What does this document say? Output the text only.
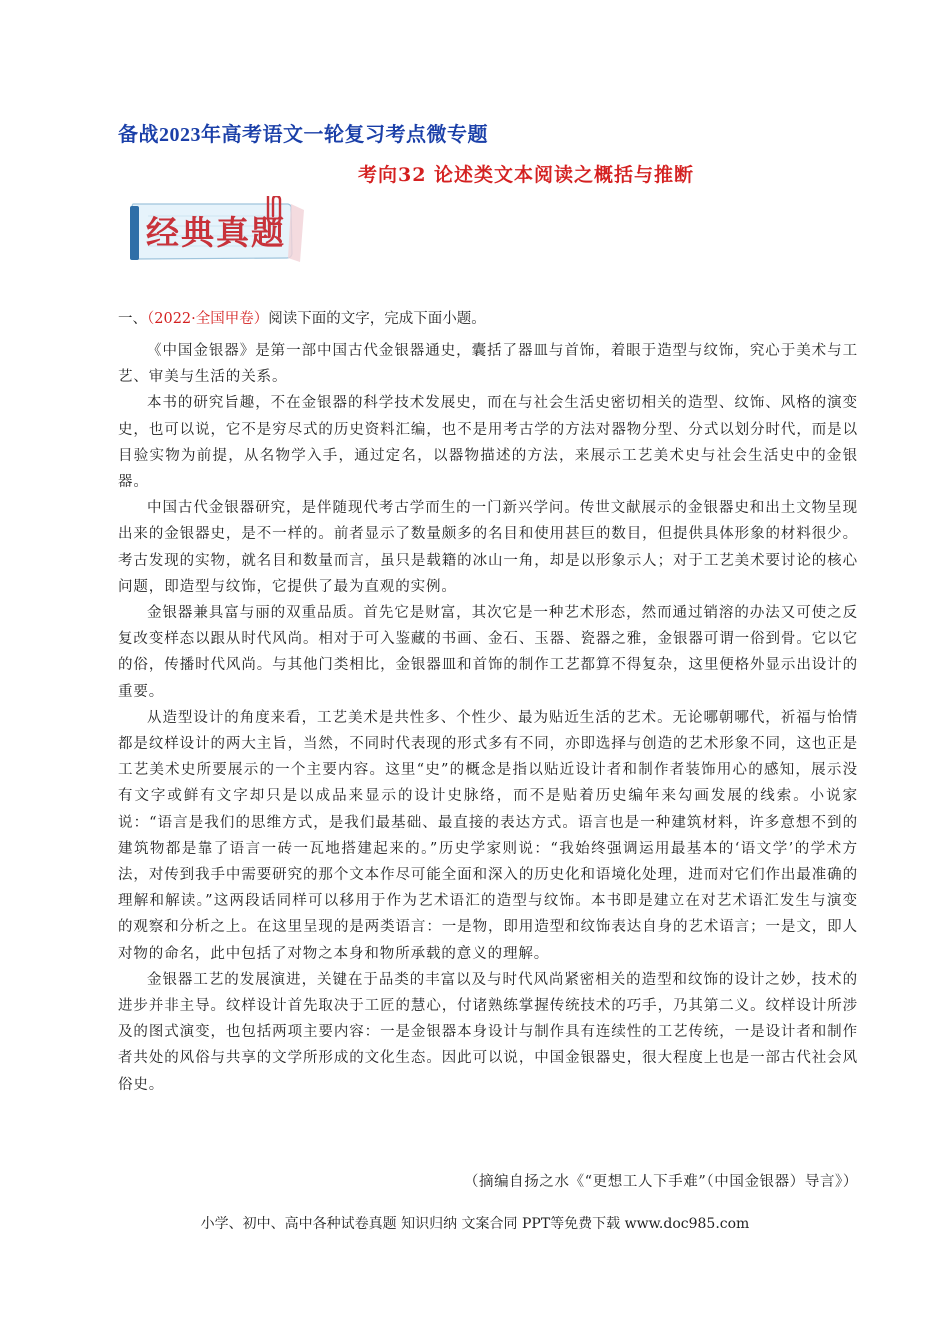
备战2023年高考语文一轮复习考点微专题
考向32 论述类文本阅读之概括与推断
经典真题
一、（2022·全国甲卷）阅读下面的文字，完成下面小题。

《中国金银器》是第一部中国古代金银器通史，囊括了器皿与首饰，着眼于造型与纹饰，究心于美术与工艺、审美与生活的关系。

本书的研究旨趣，不在金银器的科学技术发展史，而在与社会生活史密切相关的造型、纹饰、风格的演变史，也可以说，它不是穷尽式的历史资料汇编，也不是用考古学的方法对器物分型、分式以划分时代，而是以目验实物为前提，从名物学入手，通过定名，以器物描述的方法，来展示工艺美术史与社会生活史中的金银器。

中国古代金银器研究，是伴随现代考古学而生的一门新兴学问。传世文献展示的金银器史和出土文物呈现出来的金银器史，是不一样的。前者显示了数量颇多的名目和使用甚巨的数目，但提供具体形象的材料很少。考古发现的实物，就名目和数量而言，虽只是载籍的冰山一角，却是以形象示人；对于工艺美术要讨论的核心问题，即造型与纹饰，它提供了最为直观的实例。

金银器兼具富与丽的双重品质。首先它是财富，其次它是一种艺术形态，然而通过销溶的办法又可使之反复改变样态以跟从时代风尚。相对于可入鉴藏的书画、金石、玉器、瓷器之雅，金银器可谓一俗到骨。它以它的俗，传播时代风尚。与其他门类相比，金银器皿和首饰的制作工艺都算不得复杂，这里便格外显示出设计的重要。

从造型设计的角度来看，工艺美术是共性多、个性少、最为贴近生活的艺术。无论哪朝哪代，祈福与怡情都是纹样设计的两大主旨，当然，不同时代表现的形式多有不同，亦即选择与创造的艺术形象不同，这也正是工艺美术史所要展示的一个主要内容。这里“史”的概念是指以贴近设计者和制作者装饰用心的感知，展示没有文字或鲜有文字却只是以成品来显示的设计史脉络，而不是贴着历史编年来勾画发展的线索。小说家说：“语言是我们的思维方式，是我们最基础、最直接的表达方式。语言也是一种建筑材料，许多意想不到的建筑物都是靠了语言一砖一瓦地搭建起来的。”历史学家则说：“我始终强调运用最基本的‘语文学’的学术方法，对传到我手中需要研究的那个文本作尽可能全面和深入的历史化和语境化处理，进而对它们作出最准确的理解和解读。”这两段话同样可以移用于作为艺术语汇的造型与纹饰。本书即是建立在对艺术语汇发生与演变的观察和分析之上。在这里呈现的是两类语言：一是物，即用造型和纹饰表达自身的艺术语言；一是文，即人对物的命名，此中包括了对物之本身和物所承载的意义的理解。

金银器工艺的发展演进，关键在于品类的丰富以及与时代风尚紧密相关的造型和纹饰的设计之妙，技术的进步并非主导。纹样设计首先取决于工匠的慧心，付诸熟练掌握传统技术的巧手，乃其第二义。纹样设计所涉及的图式演变，也包括两项主要内容：一是金银器本身设计与制作具有连续性的工艺传统，一是设计者和制作者共处的风俗与共享的文学所形成的文化生态。因此可以说，中国金银器史，很大程度上也是一部古代社会风俗史。

（摘编自扬之水《“更想工人下手难”（中国金银器）导言》）
小学、初中、高中各种试卷真题 知识归纳 文案合同 PPT等免费下载 www.doc985.com
